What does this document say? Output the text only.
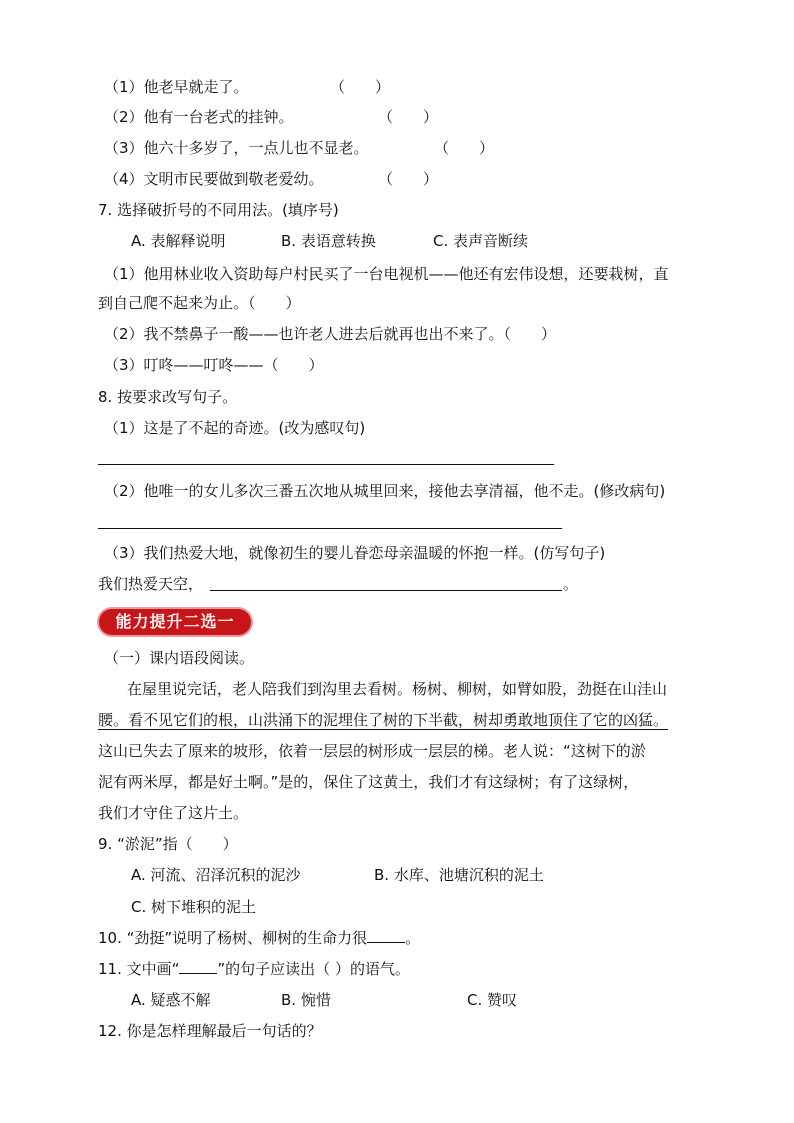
（1）他老早就走了。	（　　）
（2）他有一台老式的挂钟。	（　　）
（3）他六十多岁了，一点儿也不显老。	（　　）
（4）文明市民要做到敬老爱幼。	（　　）
7. 选择破折号的不同用法。(填序号)
A. 表解释说明	B. 表语意转换	C. 表声音断续
（1）他用林业收入资助每户村民买了一台电视机——他还有宏伟设想，还要栽树，直
到自己爬不起来为止。（　　）
（2）我不禁鼻子一酸——也许老人进去后就再也出不来了。（　　）
（3）叮咚——叮咚——（　　）
8. 按要求改写句子。
（1）这是了不起的奇迹。(改为感叹句)
（2）他唯一的女儿多次三番五次地从城里回来，接他去享清福，他不走。(修改病句)
（3）我们热爱大地，就像初生的婴儿眷恋母亲温暖的怀抱一样。(仿写句子)
我们热爱天空，	。
能力提升二选一
（一）课内语段阅读。
在屋里说完话，老人陪我们到沟里去看树。杨树、柳树，如臂如股，劲挺在山洼山
腰。看不见它们的根，山洪涌下的泥埋住了树的下半截，树却勇敢地顶住了它的凶猛。
这山已失去了原来的坡形，依着一层层的树形成一层层的梯。老人说：“这树下的淤
泥有两米厚，都是好土啊。”是的，保住了这黄土，我们才有这绿树；有了这绿树，
我们才守住了这片土。
9. “淤泥”指（　　）
A. 河流、沼泽沉积的泥沙	B. 水库、池塘沉积的泥土
C. 树下堆积的泥土
10. “劲挺”说明了杨树、柳树的生命力很	。
11. 文中画“	”的句子应读出（ ）的语气。
A. 疑惑不解	B. 惋惜	C. 赞叹
12. 你是怎样理解最后一句话的？
